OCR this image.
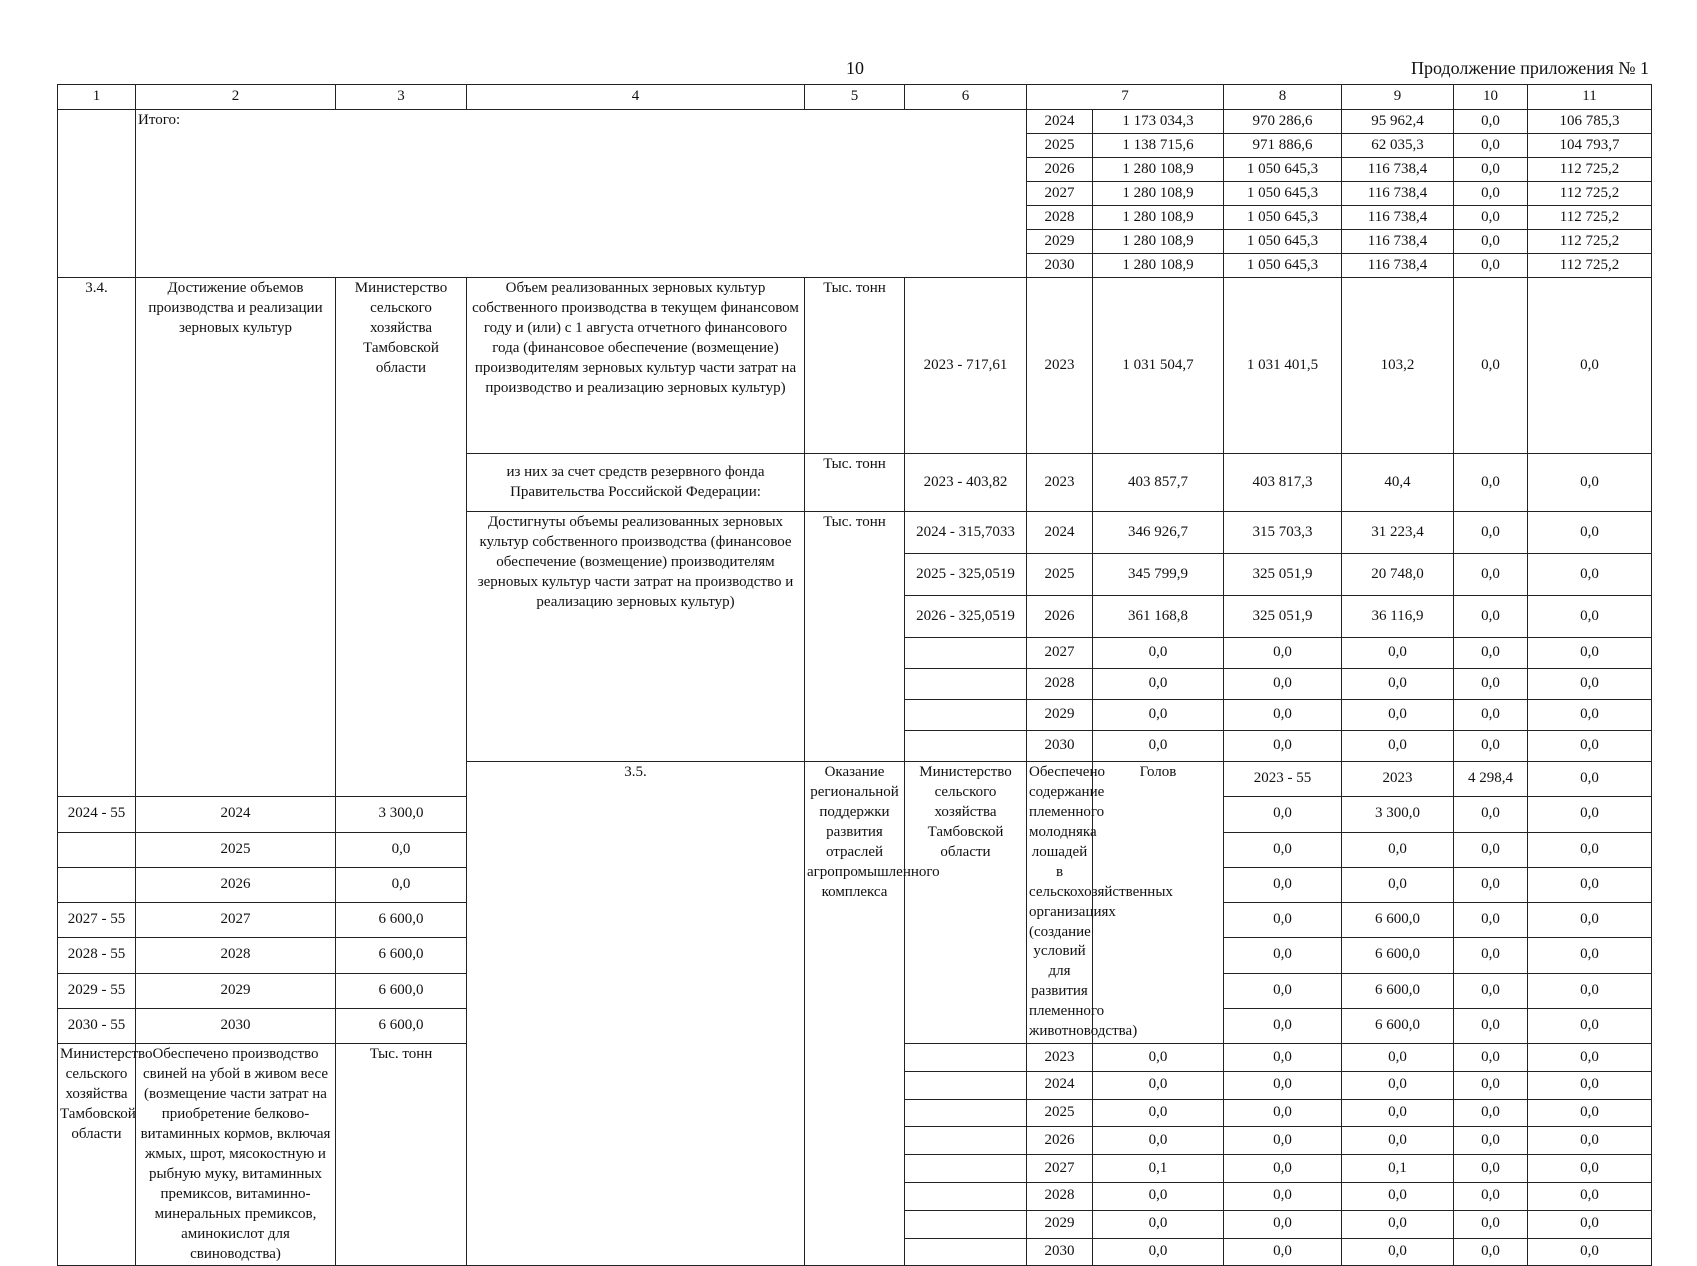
10	Продолжение приложения № 1
1	2	3	4	5	6	7		8	9	10	11	
	Итого:					2024	1 173 034,3	970 286,6	95 962,4	0,0	106 785,3	
						2025	1 138 715,6	971 886,6	62 035,3	0,0	104 793,7	
						2026	1 280 108,9	1 050 645,3	116 738,4	0,0	112 725,2	
						2027	1 280 108,9	1 050 645,3	116 738,4	0,0	112 725,2	
						2028	1 280 108,9	1 050 645,3	116 738,4	0,0	112 725,2	
						2029	1 280 108,9	1 050 645,3	116 738,4	0,0	112 725,2	
						2030	1 280 108,9	1 050 645,3	116 738,4	0,0	112 725,2	
3.4.	Достижение объемов производства и реализации зерновых культур	Министерство сельского хозяйства Тамбовской области	Объем реализованных зерновых культур собственного производства в текущем финансовом году и (или) с 1 августа отчетного финансового года (финансовое обеспечение (возмещение) производителям зерновых культур части затрат на производство и реализацию зерновых культур)	Тыс. тонн	2023 - 717,61	2023	1 031 504,7	1 031 401,5	103,2	0,0	0,0	
			из них за счет средств резервного фонда Правительства Российской Федерации:	Тыс. тонн	2023 - 403,82	2023	403 857,7	403 817,3	40,4	0,0	0,0	
			Достигнуты объемы реализованных зерновых культур собственного производства (финансовое обеспечение (возмещение) производителям зерновых культур части затрат на производство и реализацию зерновых культур)	Тыс. тонн	2024 - 315,7033	2024	346 926,7	315 703,3	31 223,4	0,0	0,0	
					2025 - 325,0519	2025	345 799,9	325 051,9	20 748,0	0,0	0,0	
					2026 - 325,0519	2026	361 168,8	325 051,9	36 116,9	0,0	0,0	
						2027	0,0	0,0	0,0	0,0	0,0	
						2028	0,0	0,0	0,0	0,0	0,0	
						2029	0,0	0,0	0,0	0,0	0,0	
						2030	0,0	0,0	0,0	0,0	0,0	
			3.5.	Оказание региональной поддержки развития отраслей агропромышленного комплекса	Министерство сельского хозяйства Тамбовской области	Обеспечено содержание племенного молодняка лошадей в сельскохозяйственных организациях (создание условий для развития племенного животноводства)	Голов	2023 - 55	2023	4 298,4	0,0			
2024 - 55	2024	3 300,0						0,0	3 300,0	0,0	0,0	
	2025	0,0						0,0	0,0	0,0	0,0	
	2026	0,0						0,0	0,0	0,0	0,0	
2027 - 55	2027	6 600,0						0,0	6 600,0	0,0	0,0	
2028 - 55	2028	6 600,0						0,0	6 600,0	0,0	0,0	
2029 - 55	2029	6 600,0						0,0	6 600,0	0,0	0,0	
2030 - 55	2030	6 600,0						0,0	6 600,0	0,0	0,0	
Министерство сельского хозяйства Тамбовской области	Обеспечено производство свиней на убой в живом весе (возмещение части затрат на приобретение белково-витаминных кормов, включая жмых, шрот, мясокостную и рыбную муку, витаминных премиксов, витаминно-минеральных премиксов, аминокислот для свиноводства)	Тыс. тонн				2023	0,0	0,0	0,0	0,0	0,0	
						2024	0,0	0,0	0,0	0,0	0,0	
						2025	0,0	0,0	0,0	0,0	0,0	
						2026	0,0	0,0	0,0	0,0	0,0	
						2027	0,1	0,0	0,1	0,0	0,0	
						2028	0,0	0,0	0,0	0,0	0,0	
						2029	0,0	0,0	0,0	0,0	0,0	
						2030	0,0	0,0	0,0	0,0	0,0	
